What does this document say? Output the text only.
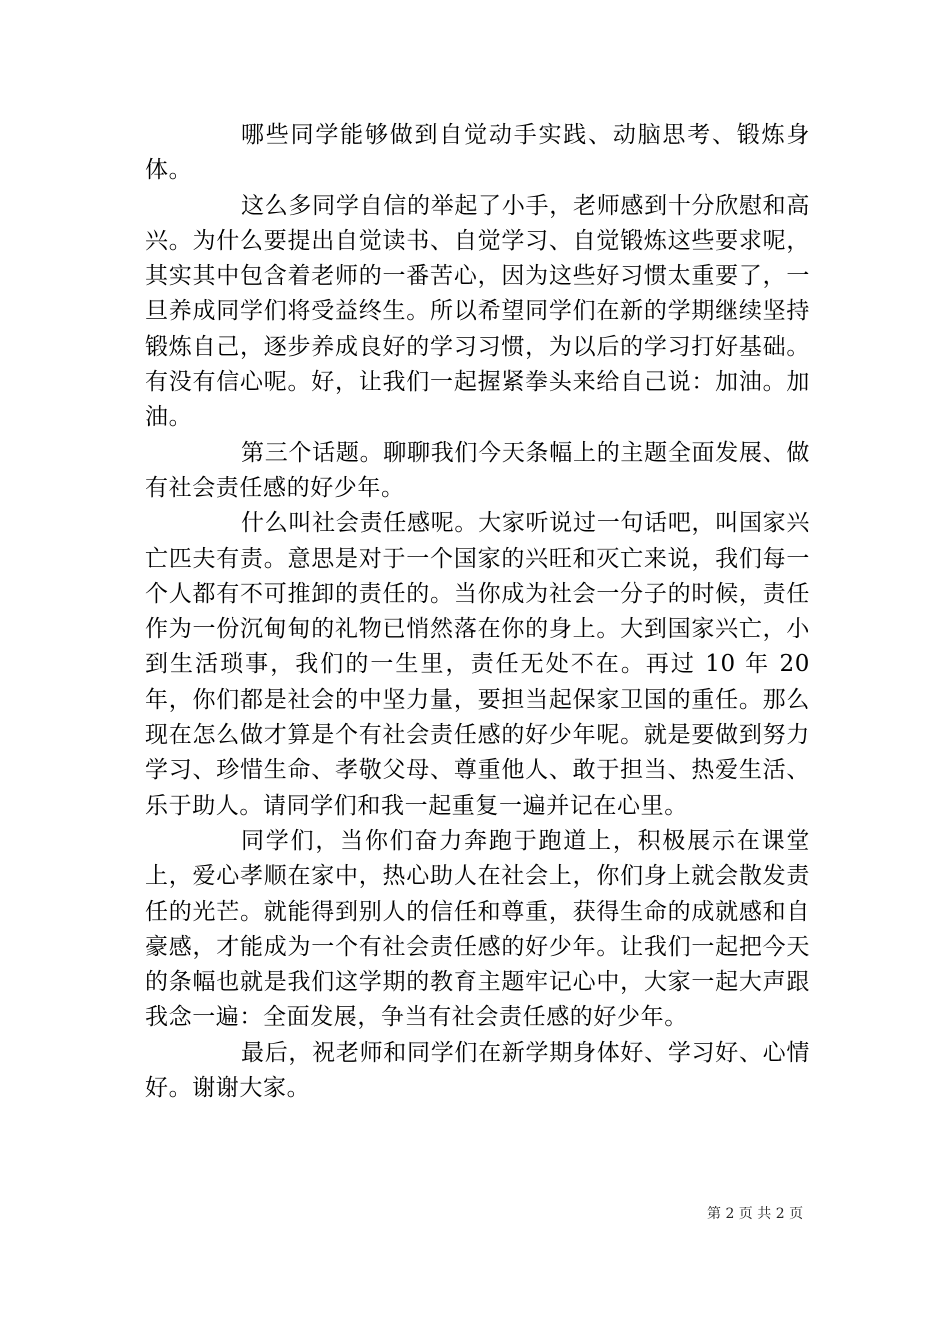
哪些同学能够做到自觉动手实践、动脑思考、锻炼身体。

这么多同学自信的举起了小手，老师感到十分欣慰和高兴。为什么要提出自觉读书、自觉学习、自觉锻炼这些要求呢，其实其中包含着老师的一番苦心，因为这些好习惯太重要了，一旦养成同学们将受益终生。所以希望同学们在新的学期继续坚持锻炼自己，逐步养成良好的学习习惯，为以后的学习打好基础。有没有信心呢。好，让我们一起握紧拳头来给自己说：加油。加油。

第三个话题。聊聊我们今天条幅上的主题全面发展、做有社会责任感的好少年。

什么叫社会责任感呢。大家听说过一句话吧，叫国家兴亡匹夫有责。意思是对于一个国家的兴旺和灭亡来说，我们每一个人都有不可推卸的责任的。当你成为社会一分子的时候，责任作为一份沉甸甸的礼物已悄然落在你的身上。大到国家兴亡，小到生活琐事，我们的一生里，责任无处不在。再过 10 年 20 年，你们都是社会的中坚力量，要担当起保家卫国的重任。那么现在怎么做才算是个有社会责任感的好少年呢。就是要做到努力学习、珍惜生命、孝敬父母、尊重他人、敢于担当、热爱生活、乐于助人。请同学们和我一起重复一遍并记在心里。

同学们，当你们奋力奔跑于跑道上，积极展示在课堂上，爱心孝顺在家中，热心助人在社会上，你们身上就会散发责任的光芒。就能得到别人的信任和尊重，获得生命的成就感和自豪感，才能成为一个有社会责任感的好少年。让我们一起把今天的条幅也就是我们这学期的教育主题牢记心中，大家一起大声跟我念一遍：全面发展，争当有社会责任感的好少年。

最后，祝老师和同学们在新学期身体好、学习好、心情好。谢谢大家。

第 2 页 共 2 页
